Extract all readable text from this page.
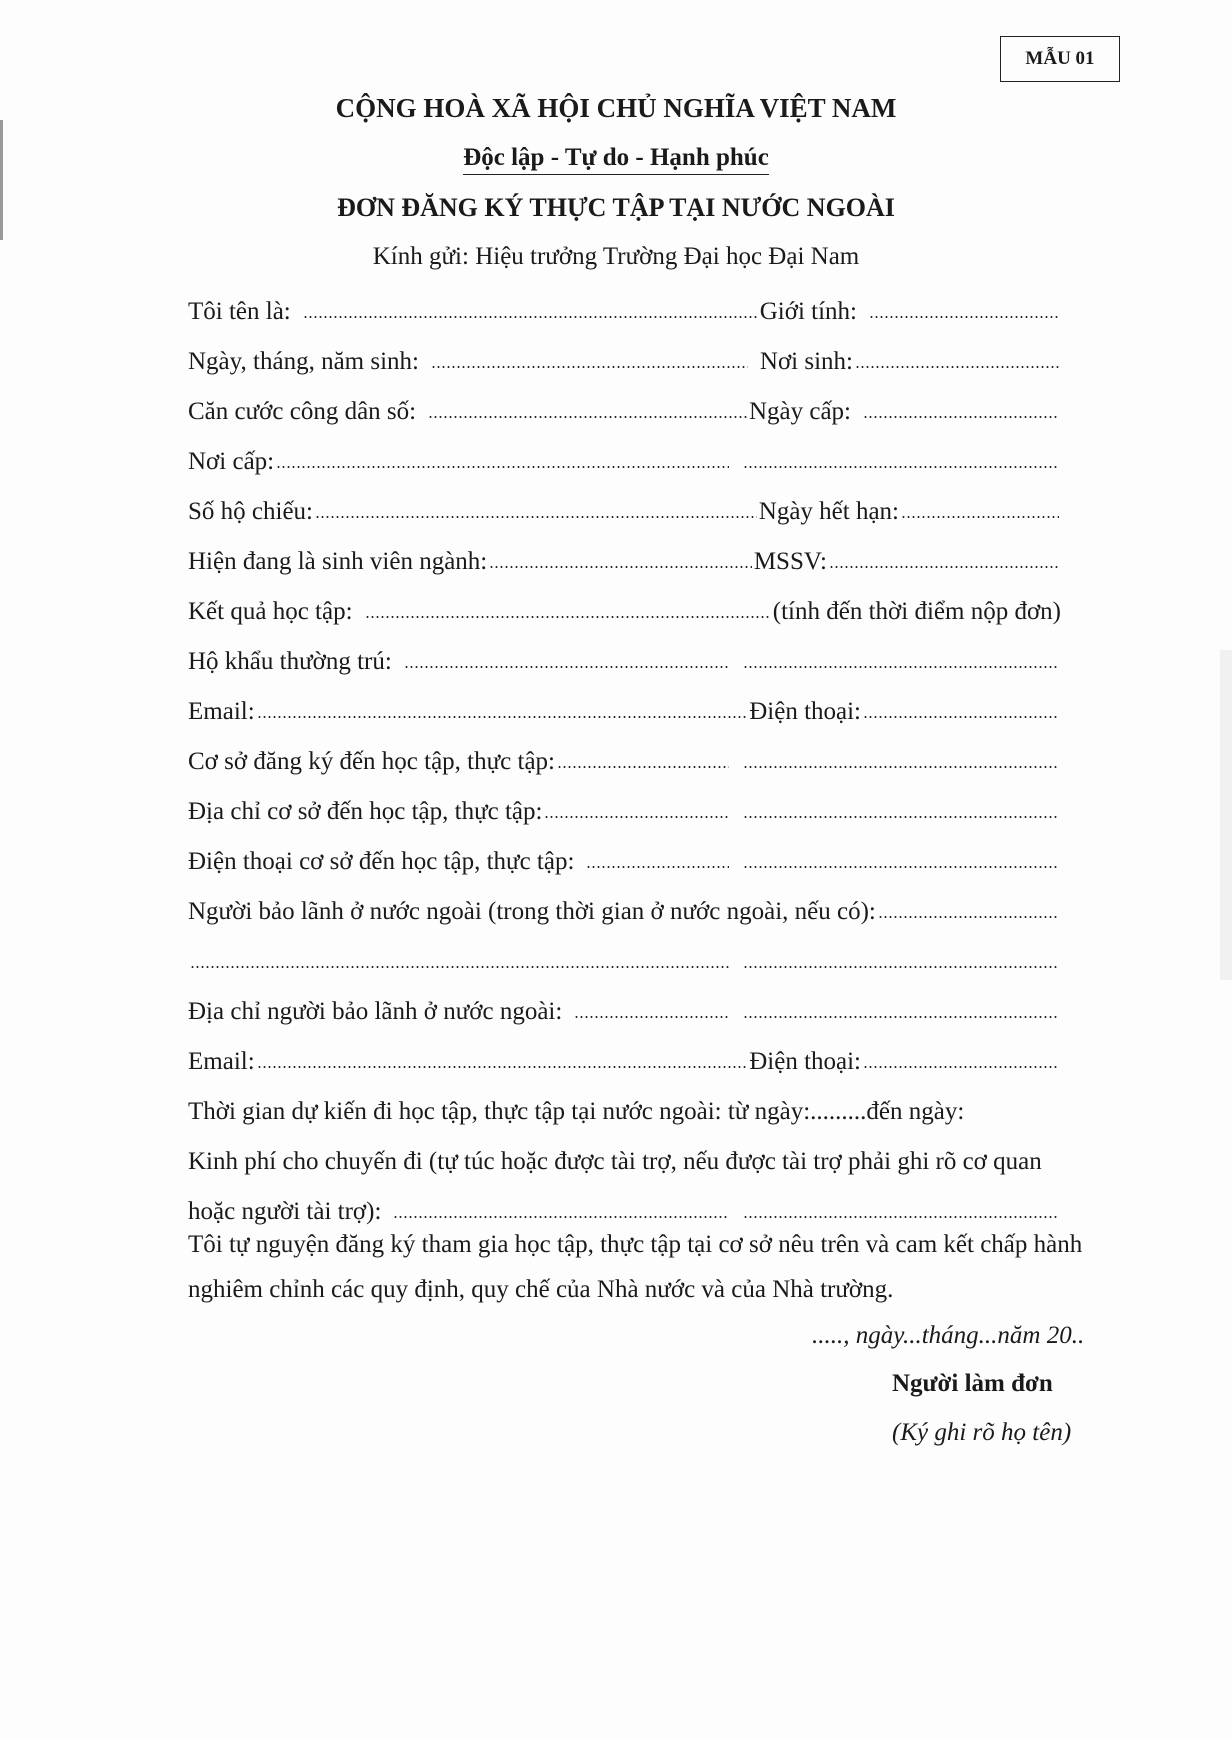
MẪU 01
CỘNG HOÀ XÃ HỘI CHỦ NGHĨA VIỆT NAM
Độc lập - Tự do - Hạnh phúc
ĐƠN ĐĂNG KÝ THỰC TẬP TẠI NƯỚC NGOÀI
Kính gửi: Hiệu trưởng Trường Đại học Đại Nam
Tôi tên là:	Giới tính:
Ngày, tháng, năm sinh:	Nơi sinh:
Căn cước công dân số:	Ngày cấp:
Nơi cấp:
Số hộ chiếu:	Ngày hết hạn:
Hiện đang là sinh viên ngành:	MSSV:
Kết quả học tập:	(tính đến thời điểm nộp đơn)
Hộ khẩu thường trú:
Email:	Điện thoại:
Cơ sở đăng ký đến học tập, thực tập:
Địa chỉ cơ sở đến học tập, thực tập:
Điện thoại cơ sở đến học tập, thực tập:
Người bảo lãnh ở nước ngoài (trong thời gian ở nước ngoài, nếu có):
Địa chỉ người bảo lãnh ở nước ngoài:
Email:	Điện thoại:
Thời gian dự kiến đi học tập, thực tập tại nước ngoài: từ ngày:.........đến ngày:
Kinh phí cho chuyến đi (tự túc hoặc được tài trợ, nếu được tài trợ phải ghi rõ cơ quan
hoặc người tài trợ):
Tôi tự nguyện đăng ký tham gia học tập, thực tập tại cơ sở nêu trên và cam kết chấp hành nghiêm chỉnh các quy định, quy chế của Nhà nước và của Nhà trường.
....., ngày...tháng...năm 20..
Người làm đơn
(Ký ghi rõ họ tên)
